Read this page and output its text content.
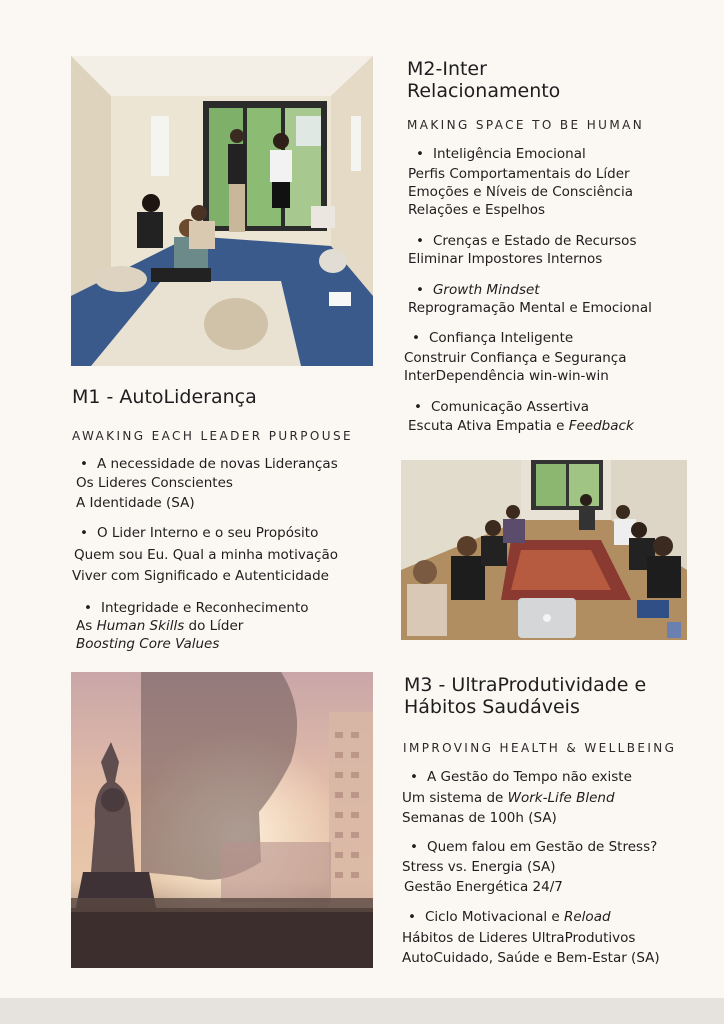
M2-Inter
Relacionamento

MAKING SPACE TO BE HUMAN

• Inteligência Emocional

Perfis Comportamentais do Líder

Emoções e Níveis de Consciência

Relações e Espelhos

• Crenças e Estado de Recursos

Eliminar Impostores Internos

• Growth Mindset

Reprogramação Mental e Emocional

• Confiança Inteligente

Construir Confiança e Segurança

InterDependência win-win-win

• Comunicação Assertiva

Escuta Ativa Empatia e Feedback

M1 - AutoLiderança

AWAKING EACH LEADER PURPOUSE

• A necessidade de novas Lideranças

Os Lideres Conscientes

A Identidade (SA)

• O Lider Interno e o seu Propósito

Quem sou Eu. Qual a minha motivação

Viver com Significado e Autenticidade

• Integridade e Reconhecimento

As Human Skills do Líder

Boosting Core Values

M3 - UltraProdutividade e
Hábitos Saudáveis

IMPROVING HEALTH & WELLBEING

• A Gestão do Tempo não existe

Um sistema de Work-Life Blend

Semanas de 100h (SA)

• Quem falou em Gestão de Stress?

Stress vs. Energia (SA)

Gestão Energética 24/7

• Ciclo Motivacional e Reload

Hábitos de Lideres UltraProdutivos

AutoCuidado, Saúde e Bem-Estar (SA)
